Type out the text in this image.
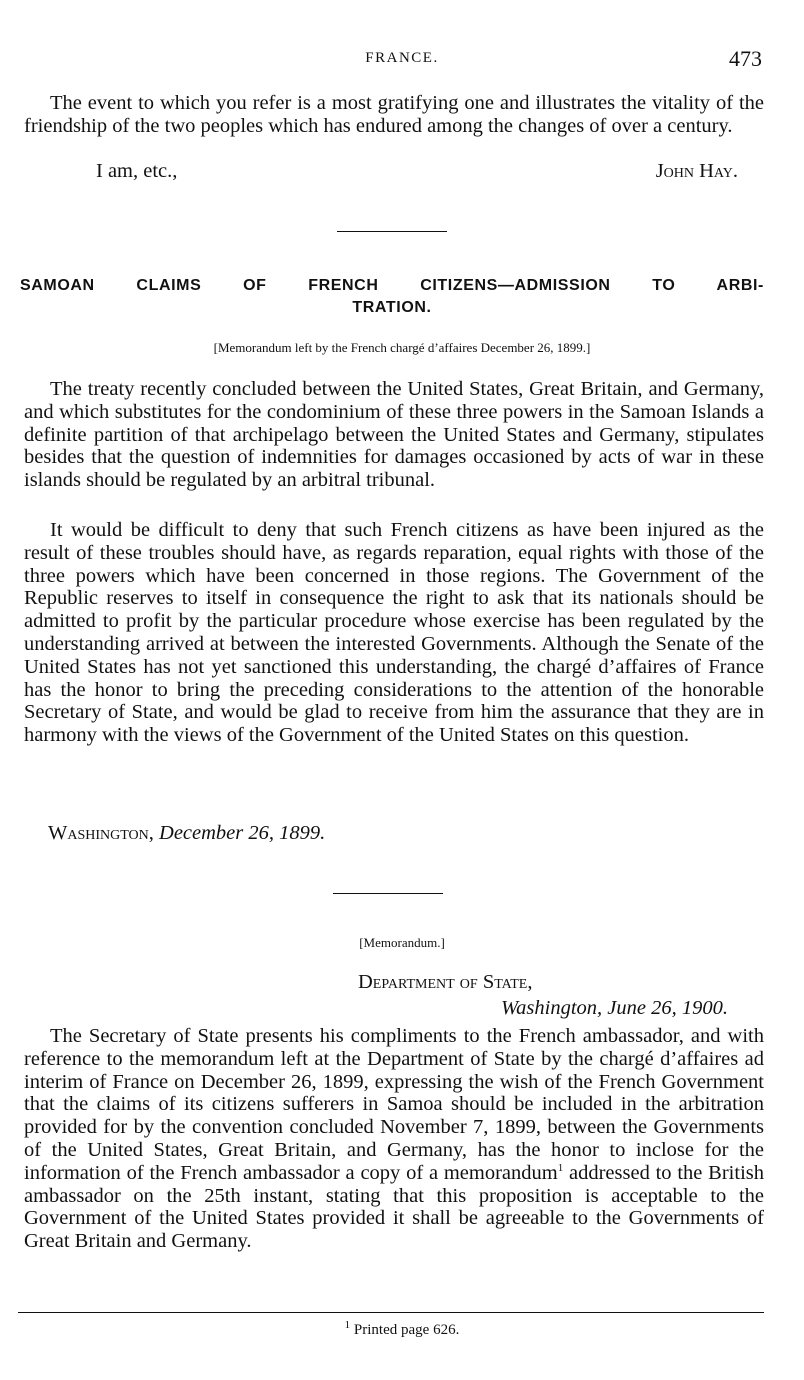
FRANCE.	473

The event to which you refer is a most gratifying one and illustrates the vitality of the friendship of the two peoples which has endured among the changes of over a century.

I am, etc.,	John Hay.
SAMOAN CLAIMS OF FRENCH CITIZENS—ADMISSION TO ARBI-
TRATION.
[Memorandum left by the French chargé d’affaires December 26, 1899.]

The treaty recently concluded between the United States, Great Britain, and Germany, and which substitutes for the condominium of these three powers in the Samoan Islands a definite partition of that archipelago between the United States and Germany, stipulates besides that the question of indemnities for damages occasioned by acts of war in these islands should be regulated by an arbitral tribunal.

It would be difficult to deny that such French citizens as have been injured as the result of these troubles should have, as regards reparation, equal rights with those of the three powers which have been concerned in those regions. The Government of the Republic reserves to itself in consequence the right to ask that its nationals should be admitted to profit by the particular procedure whose exercise has been regulated by the understanding arrived at between the interested Governments. Although the Senate of the United States has not yet sanctioned this understanding, the chargé d’affaires of France has the honor to bring the preceding considerations to the attention of the honorable Secretary of State, and would be glad to receive from him the assurance that they are in harmony with the views of the Government of the United States on this question.

Washington, December 26, 1899.
[Memorandum.]
Department of State,
Washington, June 26, 1900.

The Secretary of State presents his compliments to the French ambassador, and with reference to the memorandum left at the Department of State by the chargé d’affaires ad interim of France on December 26, 1899, expressing the wish of the French Government that the claims of its citizens sufferers in Samoa should be included in the arbitration provided for by the convention concluded November 7, 1899, between the Governments of the United States, Great Britain, and Germany, has the honor to inclose for the information of the French ambassador a copy of a memorandum$^1$ addressed to the British ambassador on the 25th instant, stating that this proposition is acceptable to the Government of the United States provided it shall be agreeable to the Governments of Great Britain and Germany.

$^1$ Printed page 626.
